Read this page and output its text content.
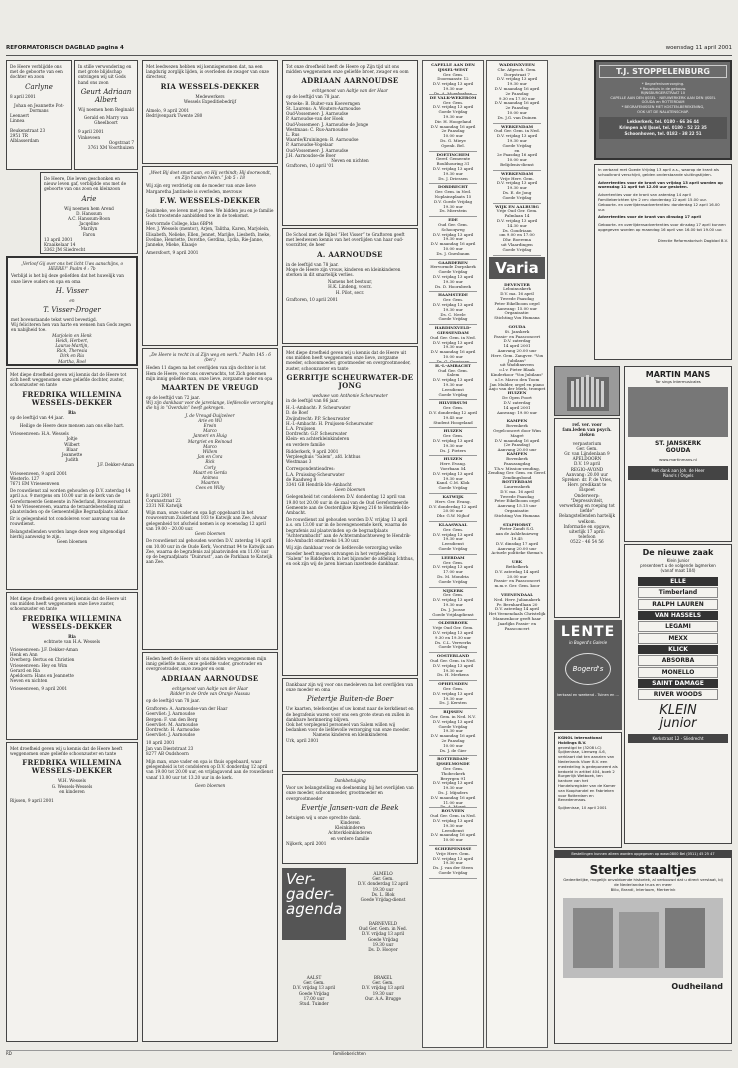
REFORMATORISCH DAGBLAD pagina 4	woensdag 11 april 2001
De Heere verblijdde ons met de geboorte van een dochter en zoon
Carlyne
8 april 2001
Johan en Jeannette Pot-Dormans
Leenaert
Linnea
Beukenstraat 23
2951 TR
Alblasserdam
In stille verwondering en met grote blijdschap ontvingen wij uit Gods hand ons zoon
Geurt Adriaan Albert
Wij noemen hem Reginald
Gerald en Marry van Gheelboort
9 april 2001
Vinkeveen
Oogstraat 7
3761 XM Voorthuizen
De Heere, Die leven geschonken en nieuw leven gaf, verblijdde ons met de geboorte van ons zoon en kleinzoon
Arie
Wij noemen hem Arend
D. Hanssum
A.C. Hanssum-Boon
Jacqeline
Marilyn
Faron
13 april 2001
Kraaikelaar 14
3362 JM Sliedrecht
„Verloof Gij over ons het licht Uws aanschijns, o HEERE!” Psalm 4 : 7b
Verblijd is het bij deze geliefden dat het huwelijk van onze lieve ouders en opa en oma
H. Visser
en
T. Visser-Droger
met bovenstaande tekst werd bevestigd.
Wij feliciteren hen van harte en wensen hun Gods zegen en nabijheid toe.
Marjolein en Henk
Heidi, Herbert,
Laurus-Martijn,
Rick, Theresia
Dirk en Ria
Martha, Roel
Met diepe droefheid geven wij kennis dat de Heere tot zich heeft weggenomen onze geliefde dochter, zuster, schoonzuster en tante
FREDRIKA WILLEMINA WESSELS-DEKKER
Ria
op de leeftijd van 44 jaar.
Heilige de Heere deze mensen aan ons elke hart.
Vrieseenveen: H.A. Wessels
Joltje
Wilbert
Blaar
Jeannette
Judith
J.F. Dekker-Aman
Vrieseenveen, 9 april 2001
Westerlo. 127
7671 EM Vrieseenveen
De rouwdienst zal worden gehouden op D.V. zaterdag 14 april a.s. 9 morgens om 10.00 uur in de kerk van de Gereformeerde Gemeente in Nederland, Brouwersstraat 43 te Vrieseenveen, waarna de teraardebestelling zal plaatsvinden op de Gemeentelijke Begraafplaats aldaar.
Er is gelegenheid tot condoleren voor aanvang van de rouwdienst.
Belangstellenden worden lange deze weg uitgenodigd hierbij aanwezig te zijn.
Geen bloemen
Met diepe droefheid geven wij kennis dat de Heere uit ons midden heeft weggenomen onze lieve zuster, schoonzuster en tante
FREDRIKA WILLEMINA WESSELS-DEKKER
Ria
echtnote van H.A. Wessels
Vrieseenveen: J.F. Dekker-Aman
Henk en Ann
Overberg: Bertus en Christien
Vrieseenveen: Hey en Wim
Gerard en Ria
Apeldoorn: Hans en Jeannette
Neven en nichten
Vrieseenveen, 9 april 2001
Met droefheid geven wij u kennis dat de Heere heeft weggenomen onze geliefde schoonzuster en tante
FREDRIKA WILLEMINA WESSELS-DEKKER
W.H. Wessels
G. Wessels-Wessels
en kinderen
Rijssen, 9 april 2001
Met leedwezen hebben wij kennisgenomen dat, na een langdurig zorglijk lijden, is overleden de zwager van onze directeur,
RIA WESSELS-DEKKER
Medewerkers
Wessels Expeditiebedrijf
Almelo, 9 april 2001
Bedrijvenpark Twente 280
„Weet Bij doet smart aan, en Hij verbindt; Hij doorwondt, en Zijn handen helen.” Job 5 : 18
Wij zijn erg verdrietig om de moeder van onze lieve Margaretha Jantineke is overleden, mevrouw
F.W. WESSELS-DEKKER
Jeanineke, we leven met je mee. We bidden jou en je familie Gods troostende aanbiddend toe in de toekomst.
Hervormde College, klas 6BPt4
Mev. J. Wessels (mentor), Arjen, Talitha, Karen, Marjolein, Elisabeth, Nelieke, Ellen, Jennet, Marijke, Liesbeth, Ineke, Eveline, Henriette, Dorothe, Gerdina, Lydia, Rie-Janne, Janneke, Mieke, Klaasje
Amersfoort, 9 april 2001
„De Heere is recht in al Zijn weg en werk.” Psalm 145 : 6 (ber.)
Heden 11 dagen na het overlijden van zijn dochter is tot Hem de Heere, voor ons onverwachts, tot Zich genomen mijn innig geliefde man, onze lieve, zorgzame vader en opa
MAARTEN DE VREUGD
op de leeftijd van 72 jaar.
Wij zijn dankbaar voor de jarenlange, liefdevolle verzorging die hij in “Overduin” heeft gekregen.
J. de Vreugd-Duijzeleer
Arie en Wil
Erwin
Marco
Janneri en Huig
Margriet en Reinoud
Marco
Willem
Jan en Cora
Rick
Corly
Maart en Gerda
Animea
Maarten
Cees en Willy
8 april 2001
Corunastraat 22
2331 NE Katwijk
Wijn man, onze vader en opa ligt opgebaard in het rouwcentrum Zuiderland 103 te Katwijk aan Zee, alwaar gelegenheid tot afscheid nemen is op woensdag 12 april van 19.00 – 20.00 uur.
Geen bloemen
De rouwdienst zal gehouden worden D.V. zaterdag 14 april om 10.00 uur in de Oude Kerk, Voorstraat 94 te Katwijk aan Zee, waarna de begrafenis zal plaatsvinden om 11.00 uur op de begraafplaats “Duinrust”, aan de Parklaan te Katwijk aan Zee.
Heden heeft de Heere uit ons midden weggenomen mijn innig geliefde man, onze geliefde vader, grootvader en overgrootvader, onze zwager en oom
ADRIAAN AARNOUDSE
echtgenoot van Aaltje van der Haar
Ridder in de Orde van Oranje Nassau
op de leeftijd van 78 jaar.
Graftoren: A. Aarnoudse-van der Haar
Geervliet: J. Aarnoudse
Bergen: F. van den Berg
Geervliet: M. Aarnoudse
Dordrecht: H. Aarnoudse
Geervliet: J. Aarnoudse
10 april 2001
Jan van Dieststraat 23
8277 AB Oudshoorn
Mijn man, onze vader en opa is thuis opgebaard, waar gelegenheid is tot condoleren op D.V. donderdag 12 april van 19.00 tot 20.00 uur, en vrijdagavond aan de rouwdienst vanaf 13.00 uur tot 13.20 uur in de kerk.
Geen bloemen
Tot onze droefheid heeft de Heere op Zijn tijd uit ons midden weggenomen onze geliefde broer, zwager en oom
ADRIAAN AARNOUDSE
echtgenoot van Aaltje van der Haar
op de leeftijd van 78 jaar.
Yerseke: B. Buiter-van Koeverngen
St. Laurens: A. Wouters-Aarnoudse
Oud-Vossemeer: J. Aarnoudse
P. Aarnoudse-van der Hoek
Oud-Vossemeer: J. Aarnoudse-de Jonge
Westmaas: C. Rus-Aarnoudse
L. Rus
Waarde/Kruiningen: B. Aarnoudse
P. Aarnoudse-Vogelaar
Oud-Vossemeer: J. Aarnoudse
J.H. Aarnoudse-de Boer
Neven en nichten
Graftoren, 10 april '01
De School met de Bijbel “Het Visser” te Graftoren geeft met leedwezen kennis van het overlijden van haar oud-voorzitter, de heer
A. AARNOUDSE
in de leeftijd van 78 jaar.
Moge de Heere zijn vrouw, kinderen en kleinkinderen sterken in dit smartelijk verlies.
Namens het bestuur,
H.K. Lindeng, voorz.
H. Pilot, secr.
Graftoren, 10 april 2001
Met diepe droefheid geven wij u kennis dat de Heere uit ons midden heeft weggenomen onze lieve, zorgzame moeder, schoonmoeder, grootmoeder en overgrootmoeder, zuster, schoonzuster en tante
GERRITJE SCHEURWATER-DE JONG
weduwe van Anthonie Scheurwater
in de leeftijd van 86 jaar.
H.-I.-Ambacht: P. Scheurwater
D. de Boef
Zwijndrecht: P.P. Scheurwater
H.-I.-Ambacht: H. Pruijssen-Scheurwater
L.A. Pruijssen
Dordrecht: G.P. Scheurwater
Klein- en achterkleinkinderen
en verdere familie
Ridderkerk, 9 april 2001
Verpleeghuis “Salem”, afd. Ichthus
Westmaas 3
Correspondentieadres:
L.A. Pruissing-Scheurwater
de Raadweg 8
3341 GB Hendrik-Ido-Ambacht
Geen bloemen
Gelegenheid tot condoleren D.V. donderdag 12 april van 19.00 tot 20.00 uur in de zaal van de Oud Gereformeerde Gemeente aan de Oosterdijkse Rijweg 216 te Hendrik-Ido-Ambacht.
De rouwdienst zal gehouden worden D.V. vrijdag 13 april a.s. om 13.00 uur in de bovengenoemde kerk, waarna de begrafenis zal plaatsvinden op de begraafplaats “Achterambacht” aan de Achterambachtseweg te Hendrik-Ido-Ambacht omstreeks 14.30 uur.
Wij zijn dankbaar voor de liefdevolle verzorging welke moeder heeft mogen ontvangen in het verpleeghuis “Salem” te Ridderkerk, in het bijzonder de afdeling Ichthus, en ook zijn wij de jaren hieraan inzettende dankbaar.
Dankbaar zijn wij voor ons medeleven na het overlijden van onze moeder en oma
Pietertje Buiten-de Boer
Uw kaarten, telefoontjes of uw komst naar de kerkdienst en de begrafenis waren voor ons een grote steun en zullen in dankbare herinnering blijven.
Ook het verplegend personeel van Salem willen wij bedanken voor de liefdevolle verzorging van onze moeder.
Namens kinderen en kleinkinderen
Urk, april 2001
Dankbetuiging
Voor uw belangstelling en deelneming bij het overlijden van onze moeder, schoonmoeder, grootmoeder en overgrootmoeder
Evertje Jansen-van de Beek
betuigen wij u onze oprechte dank.
Kinderen
Kleinkinderen
Achterkleinkinderen
en verdere familie
Nijkerk, april 2001
Ver-
gader-
agenda
ALMELO
Ger. Gem.
D.V. donderdag 12 april
19.30 uur
Ds. L. Blok
Goede Vrijdag-dienst
BARNEVELD
Oud Ger. Gem. in Ned.
D.V. vrijdag 13 april
Goede Vrijdag
19.30 uur
Ds. D. Hooyer
AALST
Ger. Gem.
D.V. vrijdag 13 april
Goede Vrijdag
17.00 uur
Stud. Tuinder
BRAKEL
Ger. Gem.
D.V. vrijdag 13 april
19.30 uur
Our. A.A. Brugge
CAPELLE AAN DEN IJSSEL-WEST
Ger. Gem.
Doormanstr. 12
D.V. vrijdag 13 april
19.30 uur
Ds. A. Moerkerken
DE VALK-WEKEROM
Ger. Gem.
D.V. vrijdag 13 april
Goede Vrijdag
19.30 uur
Dir. H. Hoogeland
D.V. maandag 16 april
2e Paasdag
10.00 uur
Ds. G. Mieye
Openb. Bel.
DOETINCHEM
Geref. Gemeente
Boulihouring 31
D.V. vrijdag 13 april
19.30 uur
Ds. J. Driessen
DORDRECHT
Ger. Gem. in Ned.
Noplainsplaats 15
D.V. Goede Vrijdag
19.30 uur
Ds. Mierstein
EDE
Oud Ger. Gem.
Schooqweg
D.V. vrijdag 13 april
19.30 uur
D.V. maandag 16 april
10.00 uur
Ds. J. Gnesbaum
GAARDEREN
Hervormde Dorpskerk
Goede Vrijdag
D.V. vrijdag 13 april
19.30 uur
Ds. D. Hoornbeek
HAAMSTEDE
Ger. Gem.
D.V. vrijdag 13 april
19.30 uur
Ds. C. Neele
Goede Vrijdag
HARDINXVELD-GIESSENDAM
Oud Ger. Gem. in Ned.
D.V. vrijdag 13 april
19.30 uur
D.V. maandag 16 april
10.00 uur
Ds. G. Gerrissen
H.-I.-AMBACHT
Oud Ger. Gem.
Salem
D.V. vrijdag 13 april
19.30 uur
Leesdienst
Goede Vrijdag
HILVERSUM
Ger. Gem.
D.V. donderdag 12 april
19.45 uur
Student Hoogeland
HUIZEN
Ger. Gem.
D.V. vrijdag 13 april
19.30 uur
Ds. J. Pieters
HUIZEN
Herv. Evang.
Voerbaan 54
D.V. vrijdag 13 april
19.30 uur
Kand. C.M. Klok
Goede Vrijdag
KATWIJK
Herv. Ger. Evang.
D.V. donderdag 12 april
20.00 uur
Dhr. G.W. Nijhof
KLAASWAAL
Ger. Gem.
D.V. vrijdag 13 april
19.30 uur
Leesdienst
Goede Vrijdag
LEERDAM
Ger. Gem.
D.V. vrijdag 13 april
17.00 uur
Ds. M. Mondria
Goede Vrijdag
NIJKERK
Ger. Gem.
D.V. vrijdag 13 april
19.30 uur
Ds. J. Joosse
Goede Vrijdagdienst
OLDEBROEK
Vrije Oud Ger. Gem.
D.V. vrijdag 13 april
9.30 en 19.30 uur
Ds. C.L. Verwerks
Goede Vrijdag
OOSTERLAND
Oud Ger. Gem. in Ned.
D.V. vrijdag 13 april
19.30 uur
Ds. H. Merkens
OPHEUSDEN
Ger. Gem.
D.V. vrijdag 13 april
19.30 uur
Ds. J. Kersten
RIJSSEN
Ger. Gem. in Ned. N.V.
D.V. vrijdag 13 april
Goede Vrijdag
19.30 uur
D.V. maandag 16 april
2e Paasdag
10.00 uur
Ds. J. de Gier
ROTTERDAM-IJSSELMONDE
Ger. Gem.
Thobeckerk
Beryrgen 91
D.V. vrijdag 13 april
19.30 uur
Ds. J. Mijnders
D.V. maandag 16 april
11.00 uur
Ds. A. Moret
ROUVEEN
Oud Ger. Gem. in Ned.
D.V. vrijdag 13 april
19.30 uur
Leesdienst
D.V. maandag 16 april
10.00 uur
SCHERPENISSE
Vrije Herv. Gem.
D.V. vrijdag 13 april
19.30 uur
Ds. J. van der Steen
Goede Vrijdag
WADDINXVEEN
Chr. Afgesch. Gem.
Dorpstraat 7
D.V. vrijdag 13 april
19.30 uur
D.V. maandag 16 april
2e Paasdag
9.30 en 17.00 uur
D.V. maandag 16 april
2e Paasdag
10.00 uur
Ds. J.G. van Duinen
WERKENDAM
Oud Ger. Gem. in Ned.
D.V. vrijdag 13 april
19.30 uur
Goede Vrijdag
en
2e Paasdag 16 april
10.00 uur
Belijdenis-dienst
WERKENDAM
Vrije Herv. Gem.
D.V. vrijdag 13 april
19.30 uur
Ds. E. de Jong
Goede Vrijdag
WIJK EN AALBURG
Vrije Oud Ger. Gem.
Palmlaan 14
D.V. vrijdag 13 april
14.30 uur
Ds. Goudriaan
om 9.00 en 17.00
Dhr. Boerema
uit Vlaardingen
Goede Vrijdag
Varia
DEVENTER
Lebuinuskerk
D.V. ma. 16 april
Tweede Paasdag
Peter Eikelboom orgel
Aanvang: 15.00 uur
Organisatie:
Stichting Vox Humana
GOUDA
St. Janskerk
Passie- en Paasconcert
D.V. zaterdag
14 april 2001
Aanvang 20.00 uur
Herv. Gem. Zangver. "Vox Jubilans"
uit Waddinxveen
o.l.v. Pieter Blaak
Kinderkoor "Vox Jubilans"
o.l.v. Marco den Toom
Jan Mulder, orgel en piano
Anjo van der Merk, trompet
HUIZEN
De Open Poort
D.V. zaterdag
14 april 2001
Aanvang: 19.00 uur
KAMPEN
Bovenkerk
Orgelconcert door Wim Magré
D.V. maandag 16 april
(2e Paasdag)
Aanvang 20.00 uur
KAMPEN
Bovenkerk
Paaszangdag
T.h.v. Mission-zending,
Zending Ger. Gem. en Geref. Zendingsbond
ROTTERDAM
Laurenskerk
D.V. ma. 16 april
Tweede Paasdag
Peter Eikelboom orgel
Aanvang 15.15 uur
Organisatie:
Stichting Vox Humana
STAPHORST
Pieter Zandt S.G.
aan de Ashlehuizweg
19.45
D.V. dinsdag 17 april
Aanvang 20.00 uur
Actuele politieke thema's
URK
Bethelkerk
D.V. zaterdag 14 april
20.00 uur
Passie- en Paasconcert
m.m.v. Ger. Gem. koor
VEENENDAAL
Ned. Herv. Julianakerk
Pr. Bernhardlaan 20
D.V. zaterdag 14 april
Het Veenendaals Christelijk Mannenkoor geeft haar Jaarlijks Passie- en Paasconcert
T.J. STOPPELENBURG
* Begrafenisverzorging.
* Rouwbuis in de gebouw.
RIJNSBURGERSTRAAT 10
CAPELLE AAN DEN IJSSEL · NIEUWERKERK AAN DEN IJSSEL
GOUDA en ROTTERDAM
* BEGRAFENISSEN MET KOSTEN-BEREKENING,
OOK UIT DE NALATENSCHAP.
Lekkerkerk, tel. 0180 - 66 36 44
Krimpen a/d IJssel, tel. 0180 - 52 22 35
Schoonhoven, tel. 0182 - 38 22 51
In verband met Goede Vrijdag 13 april a.s., waarop de krant als schoolkrant verschijnt, gelden onderstaande sluitingstijden.
Advertenties voor de krant van vrijdag 13 april worden op woensdag 11 april tot 12.00 uur gesloten.
Advertenties voor de krant van zaterdag 14 april
Familieberichten t/m 2 cm: donderdag 12 april 15.00 uur.
Geboorte- en overlijdensadvertenties: donderdag 12 april 16.00 uur.
Advertenties voor de krant van dinsdag 17 april
Geboorte- en overlijdensadvertenties voor dinsdag 17 april kunnen opgegeven worden op maandag 16 april van 16.00 tot 19.00 uur.
Directie Reformatorisch Dagblad B.V.
ref. ver. voor
fam.leden van psych.
zieken
verpastorium
Ger. Gem.
Gr. van Lijndenlaan 9
APELDOORN
D.V. 19 april
REGIO-AVOND
Aanvang: 20.00 uur
Spreker: dr. P. de Vries,
Herv. predikant te
Elspeet
Onderwerp:
"Depressiviteit, verwerking en roeping tot liefde"
Belangstellenden hartelijk welkom.
Informatie en opgave, uiterlijk 17 april:
telefoon
0522 - 46 54 56
MARTIN MANS
Tor sings Intermusicales
ST. JANSKERK
GOUDA
www.martinmans.nl
Met dank aan Joh. de Heer
Piano's / Orgels
LENTE
in Bogerd's Galerie
Bogerd's
kerkzaal en weekend - Tuinen en ...
De nieuwe zaak
Klein Junior
presenteert u de volgende lagmerken
(vanaf maat 104)
ELLE
Timberland
RALPH LAUREN
VAN HASSELS
LEGAMI
MEXX
KLICK
ABSORBA
MONELLO
SAINT DAMAGE
RIVER WOODS
KLEIN
junior
Kerkstraat 12 - Sliedrecht
KGNOL International Holdings B.V.
gevestigd te (3208 LC) Spijkenisse, Lienweg 4-6, verklaart dat ten aanzien van Nederlands Vloer B.V. een mededeling is gedeponeerd als bedoeld in artikel 404, boek 2 Burgerlijk Wetboek, ten kantore van het Handelsregister van de Kamer van Koophandel en Fabrieken voor Rotterdam en Benedenmaas.
Spijkenisse, 10 april 2001
Bestellingen kunnen alleen worden opgegeven op www.0800 Bel (0511) 45 25 47
Sterke staaltjes
Gedeeltelijke, mogelijk onvoldoende historiek, al verbouwd dat u direct verstaat, bij de Nederlandse trucs en meer
Blilo, Brandi, Interloom, Merkerink
Oudheiland
RD	Familieberichten
